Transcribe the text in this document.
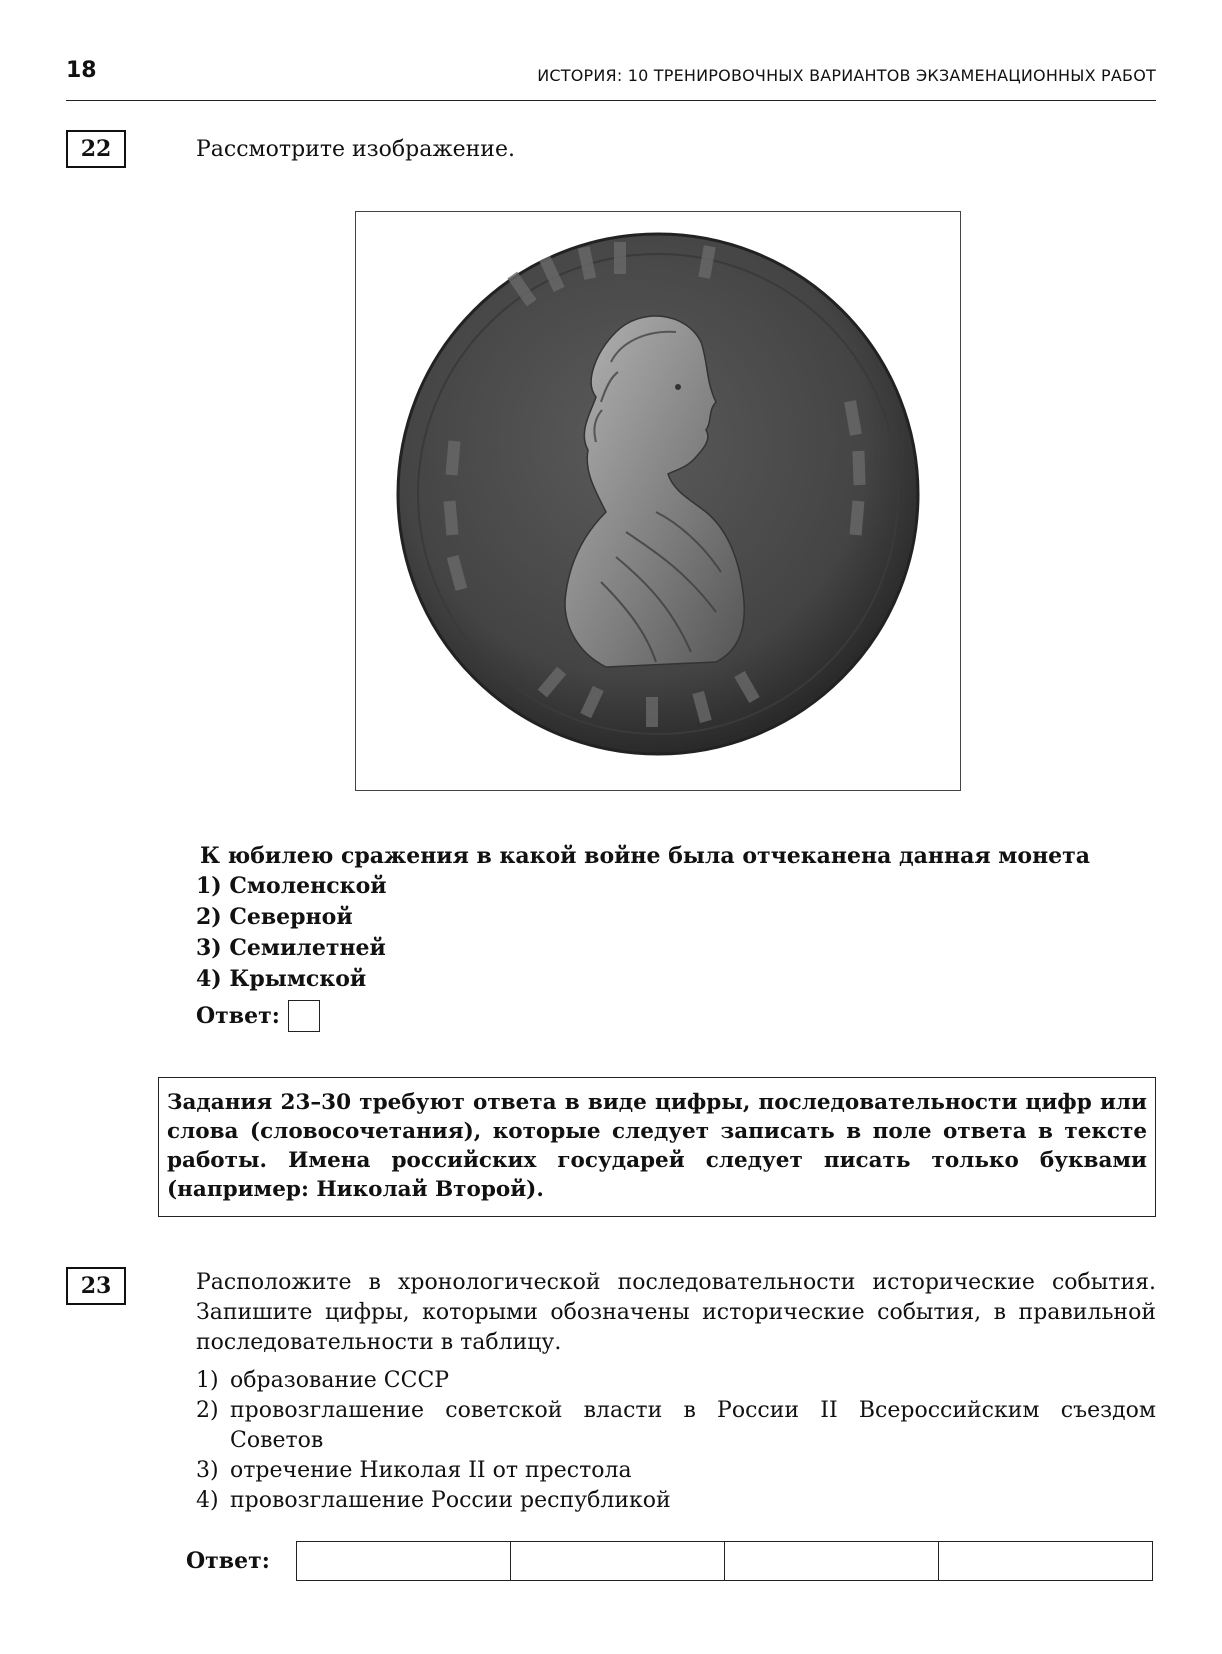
18	ИСТОРИЯ: 10 ТРЕНИРОВОЧНЫХ ВАРИАНТОВ ЭКЗАМЕНАЦИОННЫХ РАБОТ
22	Рассмотрите изображение.
К юбилею сражения в какой войне была отчеканена данная монета
1) Смоленской
2) Северной
3) Семилетней
4) Крымской
Ответ:
Задания 23–30 требуют ответа в виде цифры, последовательности цифр или слова (словосочетания), которые следует записать в поле ответа в тексте работы. Имена российских государей следует писать только буквами (например: Николай Второй).
23	Расположите в хронологической последовательности исторические события. Запишите цифры, которыми обозначены исторические события, в правильной последовательности в таблицу.
1) образование СССР
2) провозглашение советской власти в России II Всероссийским съездом Советов
3) отречение Николая II от престола
4) провозглашение России республикой
Ответ:
